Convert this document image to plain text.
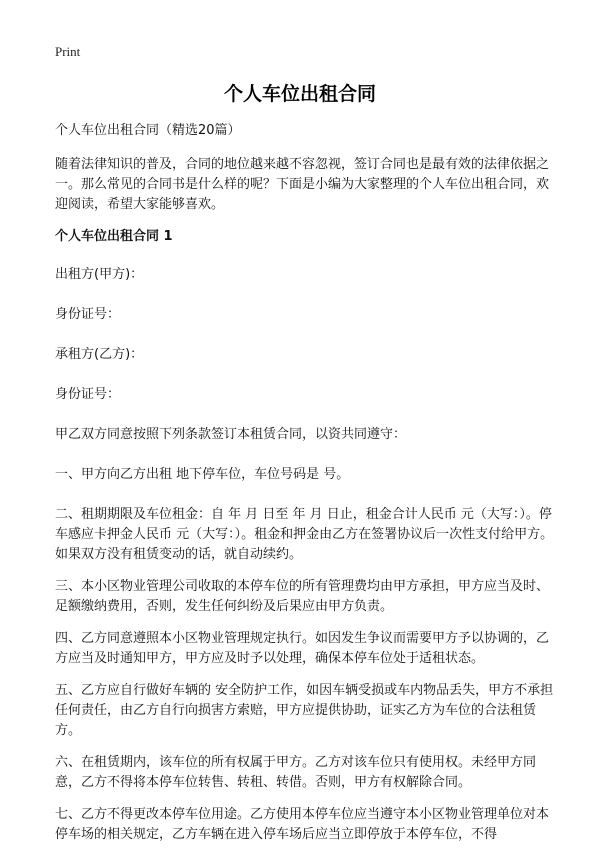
Print
个人车位出租合同

个人车位出租合同（精选20篇）

随着法律知识的普及，合同的地位越来越不容忽视，签订合同也是最有效的法律依据之一。那么常见的合同书是什么样的呢？下面是小编为大家整理的个人车位出租合同，欢迎阅读，希望大家能够喜欢。

个人车位出租合同 1

出租方(甲方)：

身份证号：

承租方(乙方)：

身份证号：

甲乙双方同意按照下列条款签订本租赁合同，以资共同遵守：

一、甲方向乙方出租 地下停车位，车位号码是 号。

二、租期期限及车位租金：自 年 月 日至 年 月 日止，租金合计人民币 元（大写：）。停车感应卡押金人民币 元（大写：）。租金和押金由乙方在签署协议后一次性支付给甲方。如果双方没有租赁变动的话，就自动续约。

三、本小区物业管理公司收取的本停车位的所有管理费均由甲方承担，甲方应当及时、足额缴纳费用，否则，发生任何纠纷及后果应由甲方负责。

四、乙方同意遵照本小区物业管理规定执行。如因发生争议而需要甲方予以协调的，乙方应当及时通知甲方，甲方应及时予以处理，确保本停车位处于适租状态。

五、乙方应自行做好车辆的 安全防护工作，如因车辆受损或车内物品丢失，甲方不承担任何责任，由乙方自行向损害方索赔，甲方应提供协助，证实乙方为车位的合法租赁方。

六、在租赁期内，该车位的所有权属于甲方。乙方对该车位只有使用权。未经甲方同意，乙方不得将本停车位转售、转租、转借。否则，甲方有权解除合同。

七、乙方不得更改本停车位用途。乙方使用本停车位应当遵守本小区物业管理单位对本停车场的相关规定，乙方车辆在进入停车场后应当立即停放于本停车位，不得
